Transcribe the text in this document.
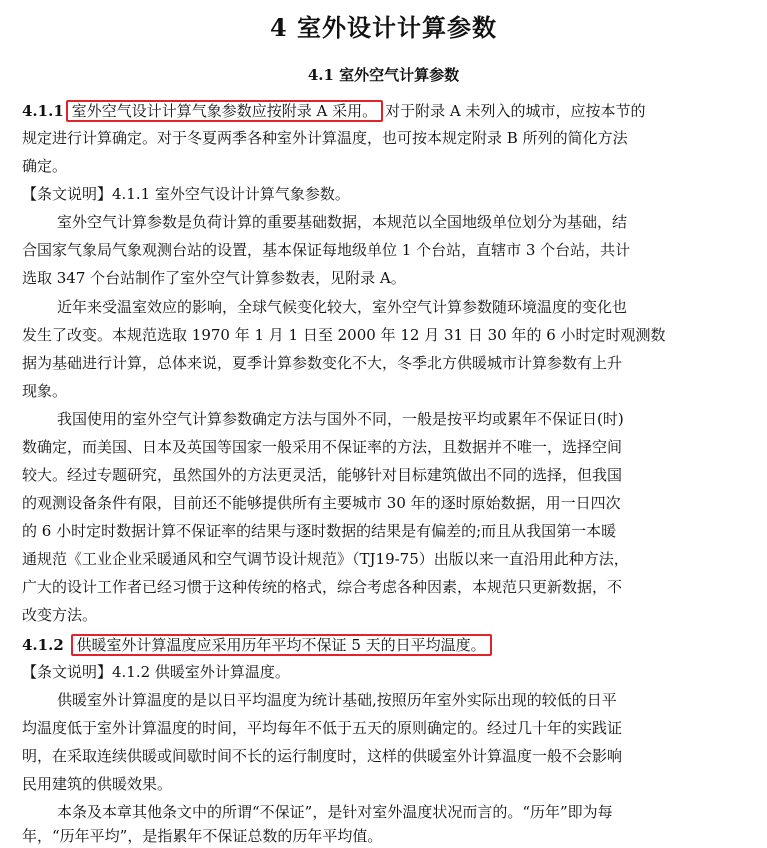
4 室外设计计算参数
4.1 室外空气计算参数
4.1.1 室外空气设计计算气象参数应按附录 A 采用。 对于附录 A 未列入的城市，应按本节的
规定进行计算确定。对于冬夏两季各种室外计算温度，也可按本规定附录 B 所列的简化方法
确定。
【条文说明】4.1.1 室外空气设计计算气象参数。
室外空气计算参数是负荷计算的重要基础数据，本规范以全国地级单位划分为基础，结
合国家气象局气象观测台站的设置，基本保证每地级单位 1 个台站，直辖市 3 个台站，共计
选取 347 个台站制作了室外空气计算参数表，见附录 A。
近年来受温室效应的影响，全球气候变化较大，室外空气计算参数随环境温度的变化也
发生了改变。本规范选取 1970 年 1 月 1 日至 2000 年 12 月 31 日 30 年的 6 小时定时观测数
据为基础进行计算，总体来说，夏季计算参数变化不大，冬季北方供暖城市计算参数有上升
现象。
我国使用的室外空气计算参数确定方法与国外不同，一般是按平均或累年不保证日(时)
数确定，而美国、日本及英国等国家一般采用不保证率的方法，且数据并不唯一，选择空间
较大。经过专题研究，虽然国外的方法更灵活，能够针对目标建筑做出不同的选择，但我国
的观测设备条件有限，目前还不能够提供所有主要城市 30 年的逐时原始数据，用一日四次
的 6 小时定时数据计算不保证率的结果与逐时数据的结果是有偏差的;而且从我国第一本暖
通规范《工业企业采暖通风和空气调节设计规范》（TJ19-75）出版以来一直沿用此种方法，
广大的设计工作者已经习惯于这种传统的格式，综合考虑各种因素，本规范只更新数据，不
改变方法。
4.1.2 供暖室外计算温度应采用历年平均不保证 5 天的日平均温度。
【条文说明】4.1.2 供暖室外计算温度。
供暖室外计算温度的是以日平均温度为统计基础,按照历年室外实际出现的较低的日平
均温度低于室外计算温度的时间，平均每年不低于五天的原则确定的。经过几十年的实践证
明，在采取连续供暖或间歇时间不长的运行制度时，这样的供暖室外计算温度一般不会影响
民用建筑的供暖效果。
本条及本章其他条文中的所谓“不保证”，是针对室外温度状况而言的。“历年”即为每
年，“历年平均”，是指累年不保证总数的历年平均值。
